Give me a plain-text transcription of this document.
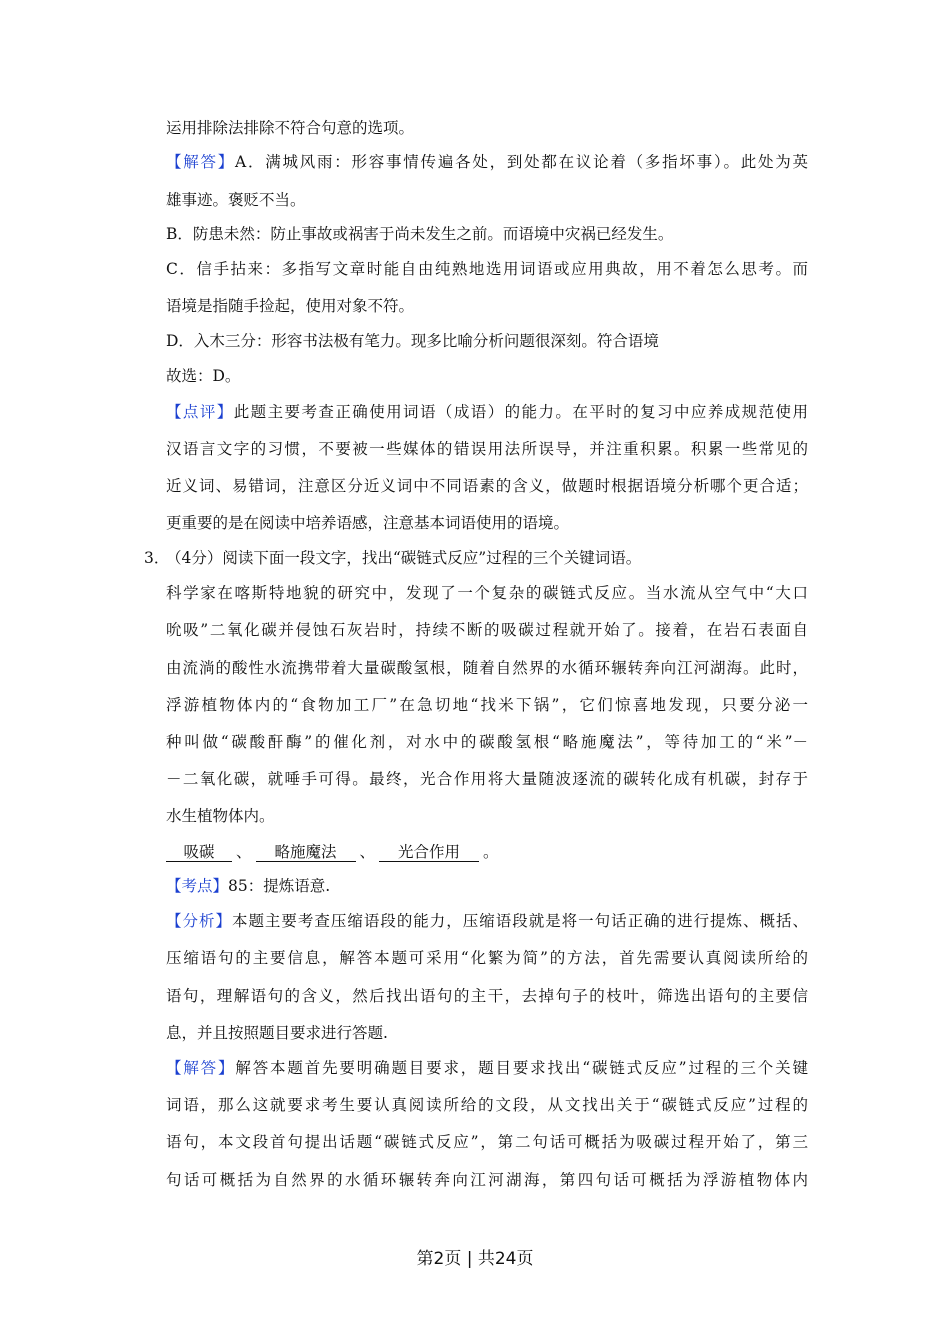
运用排除法排除不符合句意的选项。
【解答】A．满城风雨：形容事情传遍各处，到处都在议论着（多指坏事）。此处为英
雄事迹。褒贬不当。
B．防患未然：防止事故或祸害于尚未发生之前。而语境中灾祸已经发生。
C．信手拈来：多指写文章时能自由纯熟地选用词语或应用典故，用不着怎么思考。而
语境是指随手捡起，使用对象不符。
D．入木三分：形容书法极有笔力。现多比喻分析问题很深刻。符合语境
故选：D。
【点评】此题主要考查正确使用词语（成语）的能力。在平时的复习中应养成规范使用
汉语言文字的习惯，不要被一些媒体的错误用法所误导，并注重积累。积累一些常见的
近义词、易错词，注意区分近义词中不同语素的含义，做题时根据语境分析哪个更合适；
更重要的是在阅读中培养语感，注意基本词语使用的语境。
3．
（4分）阅读下面一段文字，找出“碳链式反应”过程的三个关键词语。
科学家在喀斯特地貌的研究中，发现了一个复杂的碳链式反应。当水流从空气中“大口
吮吸”二氧化碳并侵蚀石灰岩时，持续不断的吸碳过程就开始了。接着，在岩石表面自
由流淌的酸性水流携带着大量碳酸氢根，随着自然界的水循环辗转奔向江河湖海。此时，
浮游植物体内的“食物加工厂”在急切地“找米下锅”，它们惊喜地发现，只要分泌一
种叫做“碳酸酐酶”的催化剂，对水中的碳酸氢根“略施魔法”，等待加工的“米”－
－二氧化碳，就唾手可得。最终，光合作用将大量随波逐流的碳转化成有机碳，封存于
水生植物体内。
吸碳 、 略施魔法 、 光合作用 。
【考点】85：提炼语意.
【分析】本题主要考查压缩语段的能力，压缩语段就是将一句话正确的进行提炼、概括、
压缩语句的主要信息，解答本题可采用“化繁为简”的方法，首先需要认真阅读所给的
语句，理解语句的含义，然后找出语句的主干，去掉句子的枝叶，筛选出语句的主要信
息，并且按照题目要求进行答题.
【解答】解答本题首先要明确题目要求，题目要求找出“碳链式反应”过程的三个关键
词语，那么这就要求考生要认真阅读所给的文段，从文找出关于“碳链式反应”过程的
语句，本文段首句提出话题“碳链式反应”，第二句话可概括为吸碳过程开始了，第三
句话可概括为自然界的水循环辗转奔向江河湖海，第四句话可概括为浮游植物体内
第2页 | 共24页
